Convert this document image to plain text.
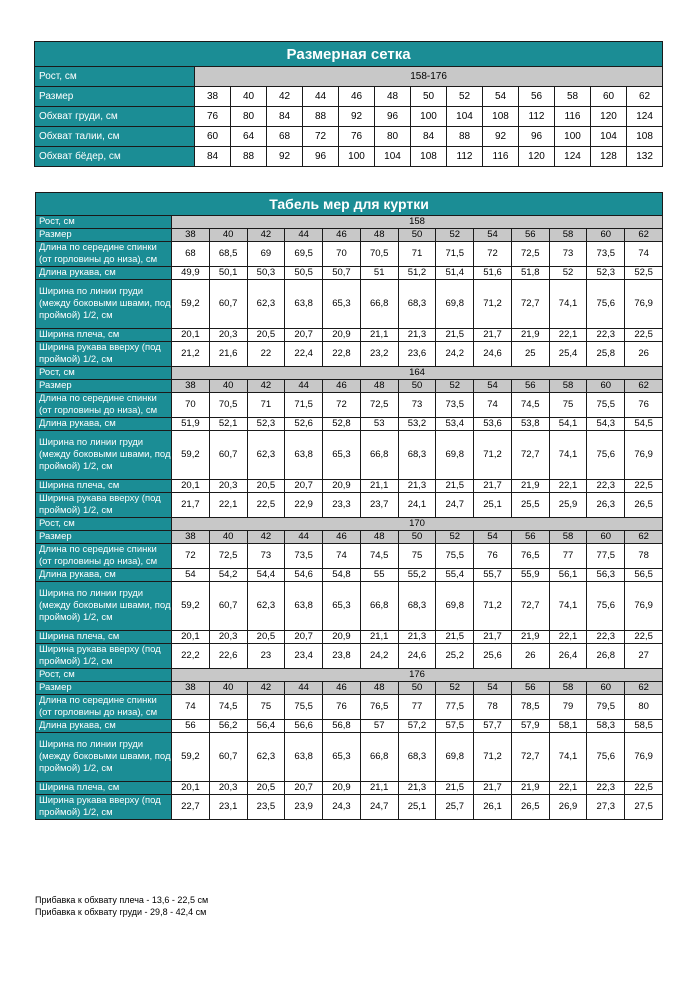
Размерная сетка													
Рост, см	158-176												
Размер	38	40	42	44	46	48	50	52	54	56	58	60	62
Обхват груди, см	76	80	84	88	92	96	100	104	108	112	116	120	124
Обхват талии, см	60	64	68	72	76	80	84	88	92	96	100	104	108
Обхват бёдер, см	84	88	92	96	100	104	108	112	116	120	124	128	132
Табель мер для куртки													
Рост, см	158												
Размер	38	40	42	44	46	48	50	52	54	56	58	60	62
Длина по середине спинки (от горловины до низа), см	68	68,5	69	69,5	70	70,5	71	71,5	72	72,5	73	73,5	74
Длина рукава, см	49,9	50,1	50,3	50,5	50,7	51	51,2	51,4	51,6	51,8	52	52,3	52,5
Ширина по линии груди (между боковыми швами, под проймой) 1/2, см	59,2	60,7	62,3	63,8	65,3	66,8	68,3	69,8	71,2	72,7	74,1	75,6	76,9
Ширина плеча, см	20,1	20,3	20,5	20,7	20,9	21,1	21,3	21,5	21,7	21,9	22,1	22,3	22,5
Ширина рукава вверху (под проймой) 1/2, см	21,2	21,6	22	22,4	22,8	23,2	23,6	24,2	24,6	25	25,4	25,8	26
Рост, см	164												
Размер	38	40	42	44	46	48	50	52	54	56	58	60	62
Длина по середине спинки (от горловины до низа), см	70	70,5	71	71,5	72	72,5	73	73,5	74	74,5	75	75,5	76
Длина рукава, см	51,9	52,1	52,3	52,6	52,8	53	53,2	53,4	53,6	53,8	54,1	54,3	54,5
Ширина по линии груди (между боковыми швами, под проймой) 1/2, см	59,2	60,7	62,3	63,8	65,3	66,8	68,3	69,8	71,2	72,7	74,1	75,6	76,9
Ширина плеча, см	20,1	20,3	20,5	20,7	20,9	21,1	21,3	21,5	21,7	21,9	22,1	22,3	22,5
Ширина рукава вверху (под проймой) 1/2, см	21,7	22,1	22,5	22,9	23,3	23,7	24,1	24,7	25,1	25,5	25,9	26,3	26,5
Рост, см	170												
Размер	38	40	42	44	46	48	50	52	54	56	58	60	62
Длина по середине спинки (от горловины до низа), см	72	72,5	73	73,5	74	74,5	75	75,5	76	76,5	77	77,5	78
Длина рукава, см	54	54,2	54,4	54,6	54,8	55	55,2	55,4	55,7	55,9	56,1	56,3	56,5
Ширина по линии груди (между боковыми швами, под проймой) 1/2, см	59,2	60,7	62,3	63,8	65,3	66,8	68,3	69,8	71,2	72,7	74,1	75,6	76,9
Ширина плеча, см	20,1	20,3	20,5	20,7	20,9	21,1	21,3	21,5	21,7	21,9	22,1	22,3	22,5
Ширина рукава вверху (под проймой) 1/2, см	22,2	22,6	23	23,4	23,8	24,2	24,6	25,2	25,6	26	26,4	26,8	27
Рост, см	176												
Размер	38	40	42	44	46	48	50	52	54	56	58	60	62
Длина по середине спинки (от горловины до низа), см	74	74,5	75	75,5	76	76,5	77	77,5	78	78,5	79	79,5	80
Длина рукава, см	56	56,2	56,4	56,6	56,8	57	57,2	57,5	57,7	57,9	58,1	58,3	58,5
Ширина по линии груди (между боковыми швами, под проймой) 1/2, см	59,2	60,7	62,3	63,8	65,3	66,8	68,3	69,8	71,2	72,7	74,1	75,6	76,9
Ширина плеча, см	20,1	20,3	20,5	20,7	20,9	21,1	21,3	21,5	21,7	21,9	22,1	22,3	22,5
Ширина рукава вверху (под проймой) 1/2, см	22,7	23,1	23,5	23,9	24,3	24,7	25,1	25,7	26,1	26,5	26,9	27,3	27,5
Прибавка к обхвату плеча - 13,6 - 22,5 см
Прибавка к обхвату груди - 29,8 - 42,4 см
